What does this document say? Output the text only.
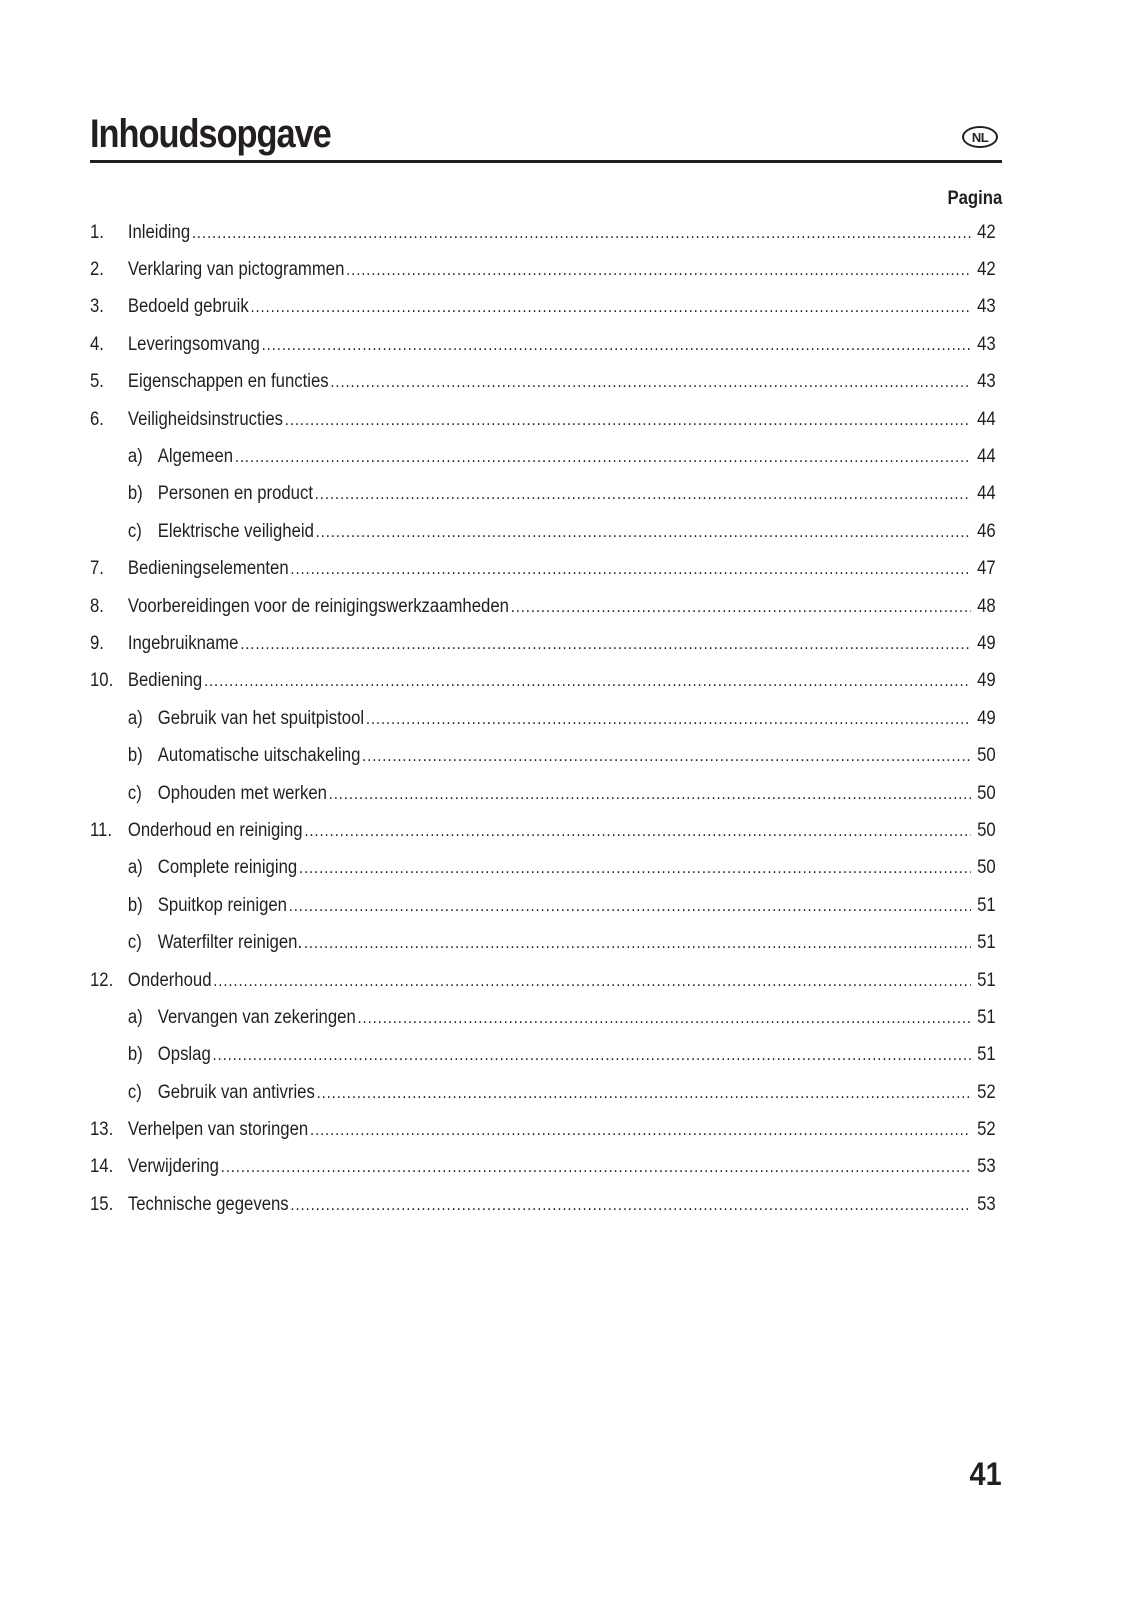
Inhoudsopgave	NL
Pagina
1.	Inleiding .....	42
2.	Verklaring van pictogrammen .....	42
3.	Bedoeld gebruik .....	43
4.	Leveringsomvang .....	43
5.	Eigenschappen en functies .....	43
6.	Veiligheidsinstructies .....	44
a) Algemeen .....	44
b) Personen en product .....	44
c) Elektrische veiligheid .....	46
7.	Bedieningselementen .....	47
8.	Voorbereidingen voor de reinigingswerkzaamheden .....	48
9.	Ingebruikname .....	49
10. Bediening .....	49
a) Gebruik van het spuitpistool .....	49
b) Automatische uitschakeling .....	50
c) Ophouden met werken .....	50
11. Onderhoud en reiniging .....	50
a) Complete reiniging .....	50
b) Spuitkop reinigen .....	51
c) Waterfilter reinigen. .....	51
12. Onderhoud .....	51
a) Vervangen van zekeringen .....	51
b) Opslag .....	51
c) Gebruik van antivries .....	52
13. Verhelpen van storingen .....	52
14. Verwijdering .....	53
15. Technische gegevens .....	53
41
